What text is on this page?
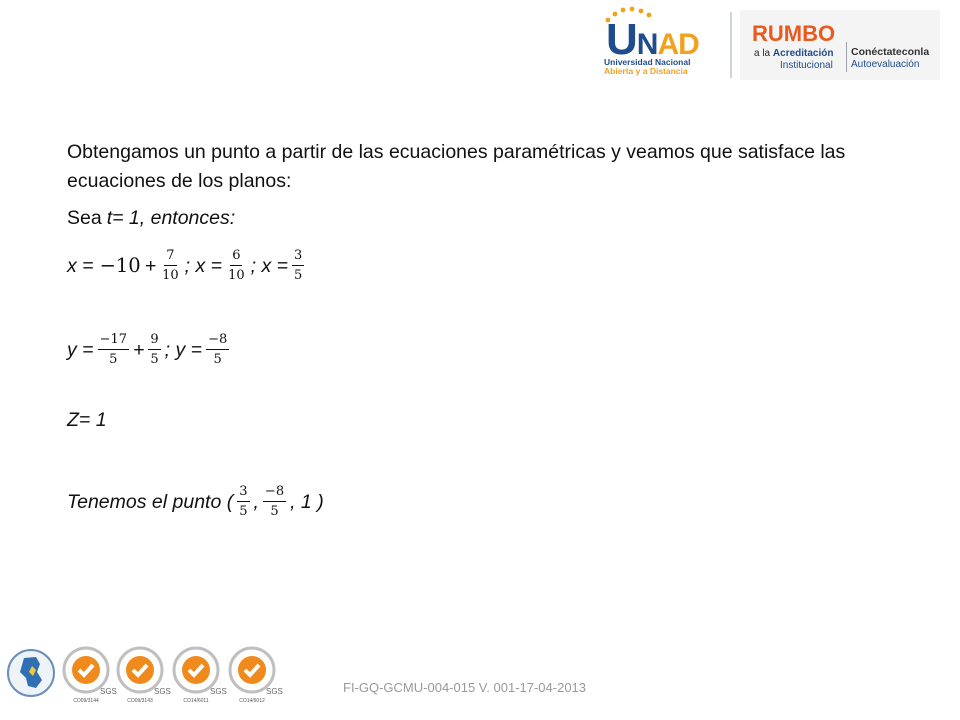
UNAD
Universidad Nacional
Abierta y a Distancia
RUMBO
a la Acreditación
Institucional
Conéctateconla
Autoevaluación

Obtengamos un punto a partir de las ecuaciones paramétricas y veamos que satisface las ecuaciones de los planos:

Sea t= 1, entonces:
$x = -10 + \frac{7}{10}$ ; $x = \frac{6}{10}$ ; $x = \frac{3}{5}$
$y = \frac{-17}{5} + \frac{9}{5}$ ; $y = \frac{-8}{5}$
Z= 1
Tenemos el punto ( $\frac{3}{5}$ , $\frac{-8}{5}$ , 1 )
SGS
CO09/3144
SGS
CO09/3143
SGS
CO14/6011
SGS
CO14/6012
FI-GQ-GCMU-004-015 V. 001-17-04-2013
